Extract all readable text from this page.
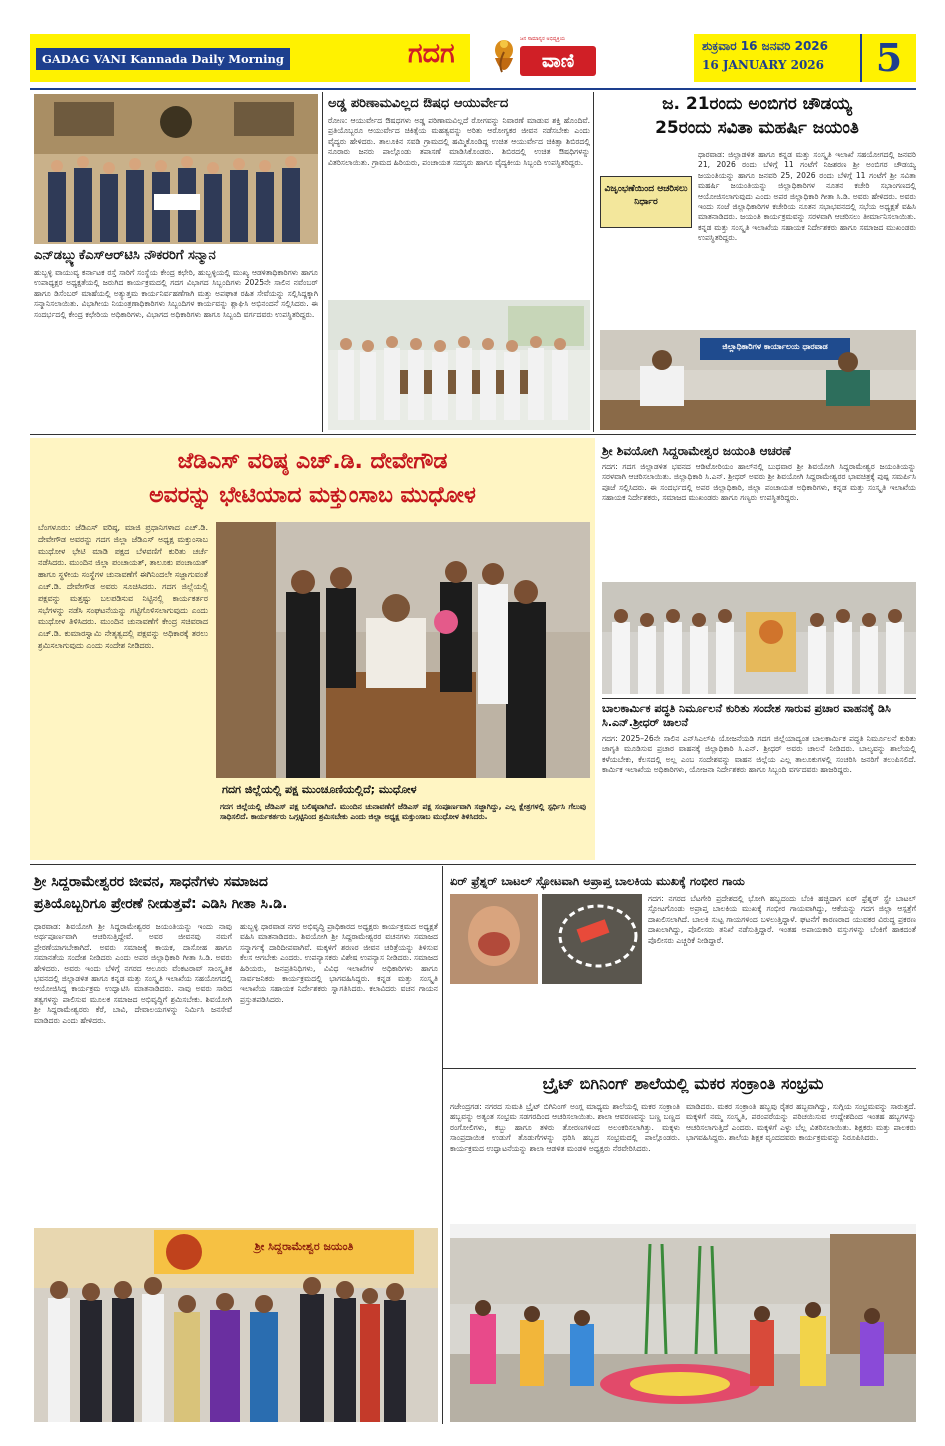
GADAG VANI Kannada Daily Morning	ಗದಗ	ಜನ ಸಾಮಾನ್ಯರ ಅಭಿವ್ಯಕ್ತಿಯ
ವಾಣಿ
ಶುಕ್ರವಾರ 16 ಜನವರಿ 2026
16 JANUARY 2026	5
ಎನ್‌ಡಬ್ಲ್ಯುಕೆಎಸ್‌ಆರ್‌ಟಿಸಿ ನೌಕರರಿಗೆ ಸನ್ಮಾನ
ಹುಬ್ಬಳ್ಳಿ ವಾಯುವ್ಯ ಕರ್ನಾಟಕ ರಸ್ತೆ ಸಾರಿಗೆ ಸಂಸ್ಥೆಯ ಕೇಂದ್ರ ಕಛೇರಿ, ಹುಬ್ಬಳ್ಳಿಯಲ್ಲಿ ಮುಖ್ಯ ಆಡಳಿತಾಧಿಕಾರಿಗಳು ಹಾಗೂ ಉಪಾಧ್ಯಕ್ಷರ ಅಧ್ಯಕ್ಷತೆಯಲ್ಲಿ ಜರುಗಿದ ಕಾರ್ಯಕ್ರಮದಲ್ಲಿ ಗದಗ ವಿಭಾಗದ ಸಿಬ್ಬಂದಿಗಳು 2025ನೇ ಸಾಲಿನ ನವೆಂಬರ್ ಹಾಗೂ ಡಿಸೆಂಬರ್ ಮಾಹೆಯಲ್ಲಿ ಅತ್ಯುತ್ತಮ ಕಾರ್ಯನಿರ್ವಹಣೆಗಾಗಿ ಮತ್ತು ಅಪಘಾತ ರಹಿತ ಸೇವೆಯನ್ನು ಸಲ್ಲಿಸಿದ್ದಕ್ಕಾಗಿ ಸನ್ಮಾನಿಸಲಾಯಿತು. ವಿಭಾಗೀಯ ನಿಯಂತ್ರಣಾಧಿಕಾರಿಗಳು ಸಿಬ್ಬಂದಿಗಳ ಕಾರ್ಯವನ್ನು ಶ್ಲಾಘಿಸಿ ಅಭಿನಂದನೆ ಸಲ್ಲಿಸಿದರು. ಈ ಸಂದರ್ಭದಲ್ಲಿ ಕೇಂದ್ರ ಕಛೇರಿಯ ಅಧಿಕಾರಿಗಳು, ವಿಭಾಗದ ಅಧಿಕಾರಿಗಳು ಹಾಗೂ ಸಿಬ್ಬಂದಿ ವರ್ಗದವರು ಉಪಸ್ಥಿತರಿದ್ದರು.
ಅಡ್ಡ ಪರಿಣಾಮವಿಲ್ಲದ ಔಷಧ ಆಯುರ್ವೇದ
ರೋಣ: ಆಯುರ್ವೇದ ಔಷಧಗಳು ಅಡ್ಡ ಪರಿಣಾಮವಿಲ್ಲದೆ ರೋಗವನ್ನು ನಿವಾರಣೆ ಮಾಡುವ ಶಕ್ತಿ ಹೊಂದಿವೆ. ಪ್ರತಿಯೊಬ್ಬರೂ ಆಯುರ್ವೇದ ಚಿಕಿತ್ಸೆಯ ಮಹತ್ವವನ್ನು ಅರಿತು ಆರೋಗ್ಯಕರ ಜೀವನ ನಡೆಸಬೇಕು ಎಂದು ವೈದ್ಯರು ಹೇಳಿದರು. ತಾಲೂಕಿನ ಸವಡಿ ಗ್ರಾಮದಲ್ಲಿ ಹಮ್ಮಿಕೊಂಡಿದ್ದ ಉಚಿತ ಆಯುರ್ವೇದ ಚಿಕಿತ್ಸಾ ಶಿಬಿರದಲ್ಲಿ ನೂರಾರು ಜನರು ಪಾಲ್ಗೊಂಡು ತಪಾಸಣೆ ಮಾಡಿಸಿಕೊಂಡರು. ಶಿಬಿರದಲ್ಲಿ ಉಚಿತ ಔಷಧಿಗಳನ್ನು ವಿತರಿಸಲಾಯಿತು. ಗ್ರಾಮದ ಹಿರಿಯರು, ಪಂಚಾಯತ ಸದಸ್ಯರು ಹಾಗೂ ವೈದ್ಯಕೀಯ ಸಿಬ್ಬಂದಿ ಉಪಸ್ಥಿತರಿದ್ದರು.
ಜ. 21ರಂದು ಅಂಬಿಗರ ಚೌಡಯ್ಯ
25ರಂದು ಸವಿತಾ ಮಹರ್ಷಿ ಜಯಂತಿ
ವಿಜೃಂಭಣೆಯಿಂದ ಆಚರಿಸಲು ನಿರ್ಧಾರ
ಧಾರವಾಡ: ಜಿಲ್ಲಾಡಳಿತ ಹಾಗೂ ಕನ್ನಡ ಮತ್ತು ಸಂಸ್ಕೃತಿ ಇಲಾಖೆ ಸಹಯೋಗದಲ್ಲಿ ಜನವರಿ 21, 2026 ರಂದು ಬೆಳಿಗ್ಗೆ 11 ಗಂಟೆಗೆ ನಿಜಶರಣ ಶ್ರೀ ಅಂಬಿಗರ ಚೌಡಯ್ಯ ಜಯಂತಿಯನ್ನು ಹಾಗೂ ಜನವರಿ 25, 2026 ರಂದು ಬೆಳಿಗ್ಗೆ 11 ಗಂಟೆಗೆ ಶ್ರೀ ಸವಿತಾ ಮಹರ್ಷಿ ಜಯಂತಿಯನ್ನು ಜಿಲ್ಲಾಧಿಕಾರಿಗಳ ನೂತನ ಕಚೇರಿ ಸಭಾಂಗಣದಲ್ಲಿ ಆಯೋಜಿಸಲಾಗುವುದು ಎಂದು ಅಪರ ಜಿಲ್ಲಾಧಿಕಾರಿ ಗೀತಾ ಸಿ.ಡಿ. ಅವರು ಹೇಳಿದರು. ಅವರು ಇಂದು ಸಂಜೆ ಜಿಲ್ಲಾಧಿಕಾರಿಗಳ ಕಚೇರಿಯ ನೂತನ ಸಭಾಭವನದಲ್ಲಿ ಸಭೆಯ ಅಧ್ಯಕ್ಷತೆ ವಹಿಸಿ ಮಾತನಾಡಿದರು. ಜಯಂತಿ ಕಾರ್ಯಕ್ರಮವನ್ನು ಸರಳವಾಗಿ ಆಚರಿಸಲು ತೀರ್ಮಾನಿಸಲಾಯಿತು. ಕನ್ನಡ ಮತ್ತು ಸಂಸ್ಕೃತಿ ಇಲಾಖೆಯ ಸಹಾಯಕ ನಿರ್ದೇಶಕರು ಹಾಗೂ ಸಮಾಜದ ಮುಖಂಡರು ಉಪಸ್ಥಿತರಿದ್ದರು.
ಜಿಲ್ಲಾಧಿಕಾರಿಗಳ ಕಾರ್ಯಾಲಯ ಧಾರವಾಡ
ಜೆಡಿಎಸ್ ವರಿಷ್ಠ ಎಚ್.ಡಿ. ದೇವೇಗೌಡ
ಅವರನ್ನು ಭೇಟಿಯಾದ ಮಕ್ತುಂಸಾಬ ಮುಧೋಳ
ಬೆಂಗಳೂರು: ಜೆಡಿಎಸ್ ವರಿಷ್ಠ, ಮಾಜಿ ಪ್ರಧಾನಿಗಳಾದ ಎಚ್.ಡಿ. ದೇವೇಗೌಡ ಅವರನ್ನು ಗದಗ ಜಿಲ್ಲಾ ಜೆಡಿಎಸ್ ಅಧ್ಯಕ್ಷ ಮಕ್ತುಂಸಾಬ ಮುಧೋಳ ಭೇಟಿ ಮಾಡಿ ಪಕ್ಷದ ಬೆಳವಣಿಗೆ ಕುರಿತು ಚರ್ಚೆ ನಡೆಸಿದರು. ಮುಂದಿನ ಜಿಲ್ಲಾ ಪಂಚಾಯತ್, ತಾಲೂಕು ಪಂಚಾಯತ್ ಹಾಗೂ ಸ್ಥಳೀಯ ಸಂಸ್ಥೆಗಳ ಚುನಾವಣೆಗೆ ಈಗಿನಿಂದಲೇ ಸಜ್ಜಾಗುವಂತೆ ಎಚ್.ಡಿ. ದೇವೇಗೌಡ ಅವರು ಸೂಚಿಸಿದರು. ಗದಗ ಜಿಲ್ಲೆಯಲ್ಲಿ ಪಕ್ಷವನ್ನು ಮತ್ತಷ್ಟು ಬಲಪಡಿಸುವ ನಿಟ್ಟಿನಲ್ಲಿ ಕಾರ್ಯಕರ್ತರ ಸಭೆಗಳನ್ನು ನಡೆಸಿ ಸಂಘಟನೆಯನ್ನು ಗಟ್ಟಿಗೊಳಿಸಲಾಗುವುದು ಎಂದು ಮುಧೋಳ ತಿಳಿಸಿದರು. ಮುಂದಿನ ಚುನಾವಣೆಗೆ ಕೇಂದ್ರ ಸಚಿವರಾದ ಎಚ್.ಡಿ. ಕುಮಾರಸ್ವಾಮಿ ನೇತೃತ್ವದಲ್ಲಿ ಪಕ್ಷವನ್ನು ಅಧಿಕಾರಕ್ಕೆ ತರಲು ಶ್ರಮಿಸಲಾಗುವುದು ಎಂದು ಸಂದೇಶ ನೀಡಿದರು.
ಗದಗ ಜಿಲ್ಲೆಯಲ್ಲಿ ಪಕ್ಷ ಮುಂಚೂಣಿಯಲ್ಲಿದೆ; ಮುಧೋಳ
ಗದಗ ಜಿಲ್ಲೆಯಲ್ಲಿ ಜೆಡಿಎಸ್ ಪಕ್ಷ ಬಲಿಷ್ಠವಾಗಿದೆ. ಮುಂದಿನ ಚುನಾವಣೆಗೆ ಜೆಡಿಎಸ್ ಪಕ್ಷ ಸಂಪೂರ್ಣವಾಗಿ ಸಜ್ಜಾಗಿದ್ದು, ಎಲ್ಲ ಕ್ಷೇತ್ರಗಳಲ್ಲಿ ಸ್ಪರ್ಧಿಸಿ ಗೆಲುವು ಸಾಧಿಸಲಿದೆ. ಕಾರ್ಯಕರ್ತರು ಒಗ್ಗಟ್ಟಿನಿಂದ ಶ್ರಮಿಸಬೇಕು ಎಂದು ಜಿಲ್ಲಾ ಅಧ್ಯಕ್ಷ ಮಕ್ತುಂಸಾಬ ಮುಧೋಳ ತಿಳಿಸಿದರು.
ಶ್ರೀ ಶಿವಯೋಗಿ ಸಿದ್ದರಾಮೇಶ್ವರ ಜಯಂತಿ ಆಚರಣೆ
ಗದಗ: ಗದಗ ಜಿಲ್ಲಾಡಳಿತ ಭವನದ ಆಡಿಟೋರಿಯಂ ಹಾಲ್‌ನಲ್ಲಿ ಬುಧವಾರ ಶ್ರೀ ಶಿವಯೋಗಿ ಸಿದ್ದರಾಮೇಶ್ವರ ಜಯಂತಿಯನ್ನು ಸರಳವಾಗಿ ಆಚರಿಸಲಾಯಿತು. ಜಿಲ್ಲಾಧಿಕಾರಿ ಸಿ.ಎನ್. ಶ್ರೀಧರ್ ಅವರು ಶ್ರೀ ಶಿವಯೋಗಿ ಸಿದ್ದರಾಮೇಶ್ವರರ ಭಾವಚಿತ್ರಕ್ಕೆ ಪುಷ್ಪ ಸಮರ್ಪಿಸಿ ಪೂಜೆ ಸಲ್ಲಿಸಿದರು. ಈ ಸಂದರ್ಭದಲ್ಲಿ ಅಪರ ಜಿಲ್ಲಾಧಿಕಾರಿ, ಜಿಲ್ಲಾ ಪಂಚಾಯತ ಅಧಿಕಾರಿಗಳು, ಕನ್ನಡ ಮತ್ತು ಸಂಸ್ಕೃತಿ ಇಲಾಖೆಯ ಸಹಾಯಕ ನಿರ್ದೇಶಕರು, ಸಮಾಜದ ಮುಖಂಡರು ಹಾಗೂ ಗಣ್ಯರು ಉಪಸ್ಥಿತರಿದ್ದರು.
ಬಾಲಕಾರ್ಮಿಕ ಪದ್ಧತಿ ನಿರ್ಮೂಲನೆ ಕುರಿತು ಸಂದೇಶ ಸಾರುವ ಪ್ರಚಾರ ವಾಹನಕ್ಕೆ ಡಿಸಿ ಸಿ.ಎನ್.ಶ್ರೀಧರ್ ಚಾಲನೆ
ಗದಗ: 2025–26ನೇ ಸಾಲಿನ ಎನ್‌ಸಿಎಲ್‌ಪಿ ಯೋಜನೆಯಡಿ ಗದಗ ಜಿಲ್ಲೆಯಾದ್ಯಂತ ಬಾಲಕಾರ್ಮಿಕ ಪದ್ಧತಿ ನಿರ್ಮೂಲನೆ ಕುರಿತು ಜಾಗೃತಿ ಮೂಡಿಸುವ ಪ್ರಚಾರ ವಾಹನಕ್ಕೆ ಜಿಲ್ಲಾಧಿಕಾರಿ ಸಿ.ಎನ್. ಶ್ರೀಧರ್ ಅವರು ಚಾಲನೆ ನೀಡಿದರು. ಬಾಲ್ಯವನ್ನು ಶಾಲೆಯಲ್ಲಿ ಕಳೆಯಬೇಕು, ಕೆಲಸದಲ್ಲಿ ಅಲ್ಲ ಎಂಬ ಸಂದೇಶವನ್ನು ವಾಹನ ಜಿಲ್ಲೆಯ ಎಲ್ಲ ತಾಲೂಕುಗಳಲ್ಲಿ ಸಂಚರಿಸಿ ಜನರಿಗೆ ತಲುಪಿಸಲಿದೆ. ಕಾರ್ಮಿಕ ಇಲಾಖೆಯ ಅಧಿಕಾರಿಗಳು, ಯೋಜನಾ ನಿರ್ದೇಶಕರು ಹಾಗೂ ಸಿಬ್ಬಂದಿ ವರ್ಗದವರು ಹಾಜರಿದ್ದರು.
ಶ್ರೀ ಸಿದ್ದರಾಮೇಶ್ವರರ ಜೀವನ, ಸಾಧನೆಗಳು ಸಮಾಜದ
ಪ್ರತಿಯೊಬ್ಬರಿಗೂ ಪ್ರೇರಣೆ ನೀಡುತ್ತವೆ: ಎಡಿಸಿ ಗೀತಾ ಸಿ.ಡಿ.
ಧಾರವಾಡ: ಶಿವಯೋಗಿ ಶ್ರೀ ಸಿದ್ದರಾಮೇಶ್ವರರ ಜಯಂತಿಯನ್ನು ಇಂದು ನಾವು ಅರ್ಥಪೂರ್ಣವಾಗಿ ಆಚರಿಸುತ್ತಿದ್ದೇವೆ. ಅವರ ಜೀವನವು ನಮಗೆ ಪ್ರೇರಣೆಯಾಗಬೇಕಾಗಿದೆ. ಅವರು ಸಮಾಜಕ್ಕೆ ಕಾಯಕ, ದಾಸೋಹ ಹಾಗೂ ಸಮಾನತೆಯ ಸಂದೇಶ ನೀಡಿದರು ಎಂದು ಅಪರ ಜಿಲ್ಲಾಧಿಕಾರಿ ಗೀತಾ ಸಿ.ಡಿ. ಅವರು ಹೇಳಿದರು. ಅವರು ಇಂದು ಬೆಳಿಗ್ಗೆ ನಗರದ ಆಲೂರು ವೆಂಕಟರಾವ್ ಸಾಂಸ್ಕೃತಿಕ ಭವನದಲ್ಲಿ ಜಿಲ್ಲಾಡಳಿತ ಹಾಗೂ ಕನ್ನಡ ಮತ್ತು ಸಂಸ್ಕೃತಿ ಇಲಾಖೆಯ ಸಹಯೋಗದಲ್ಲಿ ಆಯೋಜಿಸಿದ್ದ ಕಾರ್ಯಕ್ರಮ ಉದ್ಘಾಟಿಸಿ ಮಾತನಾಡಿದರು. ನಾವು ಅವರು ಸಾರಿದ ತತ್ವಗಳನ್ನು ಪಾಲಿಸುವ ಮೂಲಕ ಸಮಾಜದ ಅಭಿವೃದ್ಧಿಗೆ ಶ್ರಮಿಸಬೇಕು. ಶಿವಯೋಗಿ ಶ್ರೀ ಸಿದ್ದರಾಮೇಶ್ವರರು ಕೆರೆ, ಬಾವಿ, ದೇವಾಲಯಗಳನ್ನು ನಿರ್ಮಿಸಿ ಜನಸೇವೆ ಮಾಡಿದರು ಎಂದು ಹೇಳಿದರು.
ಹುಬ್ಬಳ್ಳಿ ಧಾರವಾಡ ನಗರ ಅಭಿವೃದ್ಧಿ ಪ್ರಾಧಿಕಾರದ ಅಧ್ಯಕ್ಷರು ಕಾರ್ಯಕ್ರಮದ ಅಧ್ಯಕ್ಷತೆ ವಹಿಸಿ ಮಾತನಾಡಿದರು. ಶಿವಯೋಗಿ ಶ್ರೀ ಸಿದ್ದರಾಮೇಶ್ವರರ ವಚನಗಳು ಸಮಾಜದ ಸನ್ಮಾರ್ಗಕ್ಕೆ ದಾರಿದೀಪವಾಗಿವೆ. ಮಕ್ಕಳಿಗೆ ಶರಣರ ಜೀವನ ಚರಿತ್ರೆಯನ್ನು ತಿಳಿಸುವ ಕೆಲಸ ಆಗಬೇಕು ಎಂದರು. ಉಪನ್ಯಾಸಕರು ವಿಶೇಷ ಉಪನ್ಯಾಸ ನೀಡಿದರು. ಸಮಾಜದ ಹಿರಿಯರು, ಜನಪ್ರತಿನಿಧಿಗಳು, ವಿವಿಧ ಇಲಾಖೆಗಳ ಅಧಿಕಾರಿಗಳು ಹಾಗೂ ಸಾರ್ವಜನಿಕರು ಕಾರ್ಯಕ್ರಮದಲ್ಲಿ ಭಾಗವಹಿಸಿದ್ದರು. ಕನ್ನಡ ಮತ್ತು ಸಂಸ್ಕೃತಿ ಇಲಾಖೆಯ ಸಹಾಯಕ ನಿರ್ದೇಶಕರು ಸ್ವಾಗತಿಸಿದರು. ಕಲಾವಿದರು ವಚನ ಗಾಯನ ಪ್ರಸ್ತುತಪಡಿಸಿದರು.
ಶ್ರೀ ಸಿದ್ದರಾಮೇಶ್ವರ ಜಯಂತಿ
ಏರ್ ಫ್ರೆಶ್ನರ್ ಬಾಟಲ್ ಸ್ಫೋಟವಾಗಿ ಅಪ್ರಾಪ್ತ ಬಾಲಕಿಯ ಮುಖಕ್ಕೆ ಗಂಭೀರ ಗಾಯ
ಗದಗ: ನಗರದ ಬೆಟಗೇರಿ ಪ್ರದೇಶದಲ್ಲಿ ಭೋಗಿ ಹಬ್ಬದಂದು ಬೆಂಕಿ ಹಚ್ಚಿದಾಗ ಏರ್ ಫ್ರೆಶ್ನರ್ ಸ್ಪ್ರೇ ಬಾಟಲ್ ಸ್ಫೋಟಗೊಂಡು ಅಪ್ರಾಪ್ತ ಬಾಲಕಿಯ ಮುಖಕ್ಕೆ ಗಂಭೀರ ಗಾಯವಾಗಿದ್ದು, ಆಕೆಯನ್ನು ಗದಗ ಜಿಲ್ಲಾ ಆಸ್ಪತ್ರೆಗೆ ದಾಖಲಿಸಲಾಗಿದೆ. ಬಾಲಕಿ ಸುಟ್ಟ ಗಾಯಗಳಿಂದ ಬಳಲುತ್ತಿದ್ದಾಳೆ. ಘಟನೆಗೆ ಕಾರಣರಾದ ಯುವಕರ ವಿರುದ್ಧ ಪ್ರಕರಣ ದಾಖಲಾಗಿದ್ದು, ಪೊಲೀಸರು ತನಿಖೆ ನಡೆಸುತ್ತಿದ್ದಾರೆ. ಇಂತಹ ಅಪಾಯಕಾರಿ ವಸ್ತುಗಳನ್ನು ಬೆಂಕಿಗೆ ಹಾಕದಂತೆ ಪೊಲೀಸರು ಎಚ್ಚರಿಕೆ ನೀಡಿದ್ದಾರೆ.
ಬ್ರೈಟ್ ಬಿಗಿನಿಂಗ್ ಶಾಲೆಯಲ್ಲಿ ಮಕರ ಸಂಕ್ರಾಂತಿ ಸಂಭ್ರಮ
ಗಜೇಂದ್ರಗಡ: ನಗರದ ಸುಮತಿ ಬ್ರೈಟ್ ಬಿಗಿನಿಂಗ್ ಅಂಗ್ಲ ಮಾಧ್ಯಮ ಶಾಲೆಯಲ್ಲಿ ಮಕರ ಸಂಕ್ರಾಂತಿ ಹಬ್ಬವನ್ನು ಅತ್ಯಂತ ಸಂಭ್ರಮ ಸಡಗರದಿಂದ ಆಚರಿಸಲಾಯಿತು. ಶಾಲಾ ಆವರಣವನ್ನು ಬಣ್ಣ ಬಣ್ಣದ ರಂಗೋಲಿಗಳು, ಕಬ್ಬು ಹಾಗೂ ತಳಿರು ತೋರಣಗಳಿಂದ ಅಲಂಕರಿಸಲಾಗಿತ್ತು. ಮಕ್ಕಳು ಸಾಂಪ್ರದಾಯಿಕ ಉಡುಗೆ ತೊಡುಗೆಗಳನ್ನು ಧರಿಸಿ ಹಬ್ಬದ ಸಂಭ್ರಮದಲ್ಲಿ ಪಾಲ್ಗೊಂಡರು. ಕಾರ್ಯಕ್ರಮದ ಉದ್ಘಾಟನೆಯನ್ನು ಶಾಲಾ ಆಡಳಿತ ಮಂಡಳಿ ಅಧ್ಯಕ್ಷರು ನೆರವೇರಿಸಿದರು.
ಮಾಡಿದರು. ಮಕರ ಸಂಕ್ರಾಂತಿ ಹಬ್ಬವು ರೈತರ ಹಬ್ಬವಾಗಿದ್ದು, ಸುಗ್ಗಿಯ ಸಂಭ್ರಮವನ್ನು ಸಾರುತ್ತದೆ. ಮಕ್ಕಳಿಗೆ ನಮ್ಮ ಸಂಸ್ಕೃತಿ, ಪರಂಪರೆಯನ್ನು ಪರಿಚಯಿಸುವ ಉದ್ದೇಶದಿಂದ ಇಂತಹ ಹಬ್ಬಗಳನ್ನು ಆಚರಿಸಲಾಗುತ್ತಿದೆ ಎಂದರು. ಮಕ್ಕಳಿಗೆ ಎಳ್ಳು ಬೆಲ್ಲ ವಿತರಿಸಲಾಯಿತು. ಶಿಕ್ಷಕರು ಮತ್ತು ಪಾಲಕರು ಭಾಗವಹಿಸಿದ್ದರು. ಶಾಲೆಯ ಶಿಕ್ಷಕ ವೃಂದದವರು ಕಾರ್ಯಕ್ರಮವನ್ನು ನಿರೂಪಿಸಿದರು.
